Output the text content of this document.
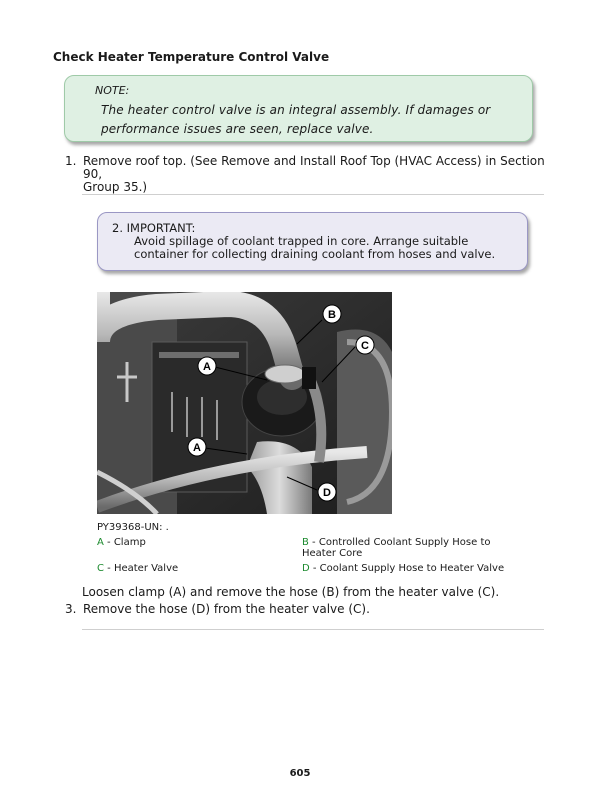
Check Heater Temperature Control Valve
NOTE:
The heater control valve is an integral assembly. If damages or
performance issues are seen, replace valve.
1. Remove roof top. (See Remove and Install Roof Top (HVAC Access) in Section 90,
Group 35.)
2. IMPORTANT:
Avoid spillage of coolant trapped in core. Arrange suitable
container for collecting draining coolant from hoses and valve.
A
A
B
C
D
PY39368-UN: .
A - Clamp	B - Controlled Coolant Supply Hose to
Heater Core
C - Heater Valve	D - Coolant Supply Hose to Heater Valve
Loosen clamp (A) and remove the hose (B) from the heater valve (C).
3. Remove the hose (D) from the heater valve (C).
605
